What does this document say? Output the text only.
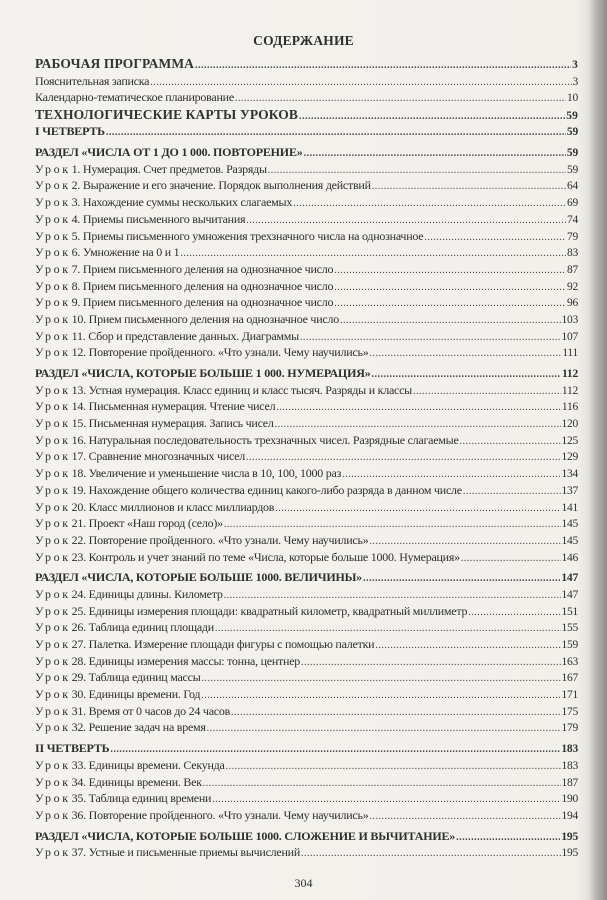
СОДЕРЖАНИЕ
РАБОЧАЯ ПРОГРАММА .....	3
Пояснительная записка .....	3
Календарно-тематическое планирование .....	10
ТЕХНОЛОГИЧЕСКИЕ КАРТЫ УРОКОВ .....	59
I ЧЕТВЕРТЬ .....	59
РАЗДЕЛ «ЧИСЛА ОТ 1 ДО 1 000. ПОВТОРЕНИЕ» .....	59
Урок 1. Нумерация. Счет предметов. Разряды .....	59
Урок 2. Выражение и его значение. Порядок выполнения действий .....	64
Урок 3. Нахождение суммы нескольких слагаемых .....	69
Урок 4. Приемы письменного вычитания .....	74
Урок 5. Приемы письменного умножения трехзначного числа на однозначное .....	79
Урок 6. Умножение на 0 и 1 .....	83
Урок 7. Прием письменного деления на однозначное число .....	87
Урок 8. Прием письменного деления на однозначное число .....	92
Урок 9. Прием письменного деления на однозначное число .....	96
Урок 10. Прием письменного деления на однозначное число .....	103
Урок 11. Сбор и представление данных. Диаграммы .....	107
Урок 12. Повторение пройденного. «Что узнали. Чему научились» .....	111
РАЗДЕЛ «ЧИСЛА, КОТОРЫЕ БОЛЬШЕ 1 000. НУМЕРАЦИЯ» .....	112
Урок 13. Устная нумерация. Класс единиц и класс тысяч. Разряды и классы .....	112
Урок 14. Письменная нумерация. Чтение чисел .....	116
Урок 15. Письменная нумерация. Запись чисел .....	120
Урок 16. Натуральная последовательность трехзначных чисел. Разрядные слагаемые .....	125
Урок 17. Сравнение многозначных чисел .....	129
Урок 18. Увеличение и уменьшение числа в 10, 100, 1000 раз .....	134
Урок 19. Нахождение общего количества единиц какого-либо разряда в данном числе .....	137
Урок 20. Класс миллионов и класс миллиардов .....	141
Урок 21. Проект «Наш город (село)» .....	145
Урок 22. Повторение пройденного. «Что узнали. Чему научились» .....	145
Урок 23. Контроль и учет знаний по теме «Числа, которые больше 1000. Нумерация» .....	146
РАЗДЕЛ «ЧИСЛА, КОТОРЫЕ БОЛЬШЕ 1000. ВЕЛИЧИНЫ» .....	147
Урок 24. Единицы длины. Километр .....	147
Урок 25. Единицы измерения площади: квадратный километр, квадратный миллиметр .....	151
Урок 26. Таблица единиц площади .....	155
Урок 27. Палетка. Измерение площади фигуры с помощью палетки .....	159
Урок 28. Единицы измерения массы: тонна, центнер .....	163
Урок 29. Таблица единиц массы .....	167
Урок 30. Единицы времени. Год .....	171
Урок 31. Время от 0 часов до 24 часов .....	175
Урок 32. Решение задач на время .....	179
II ЧЕТВЕРТЬ .....	183
Урок 33. Единицы времени. Секунда .....	183
Урок 34. Единицы времени. Век .....	187
Урок 35. Таблица единиц времени .....	190
Урок 36. Повторение пройденного. «Что узнали. Чему научились» .....	194
РАЗДЕЛ «ЧИСЛА, КОТОРЫЕ БОЛЬШЕ 1000. СЛОЖЕНИЕ И ВЫЧИТАНИЕ» .....	195
Урок 37. Устные и письменные приемы вычислений .....	195
304
